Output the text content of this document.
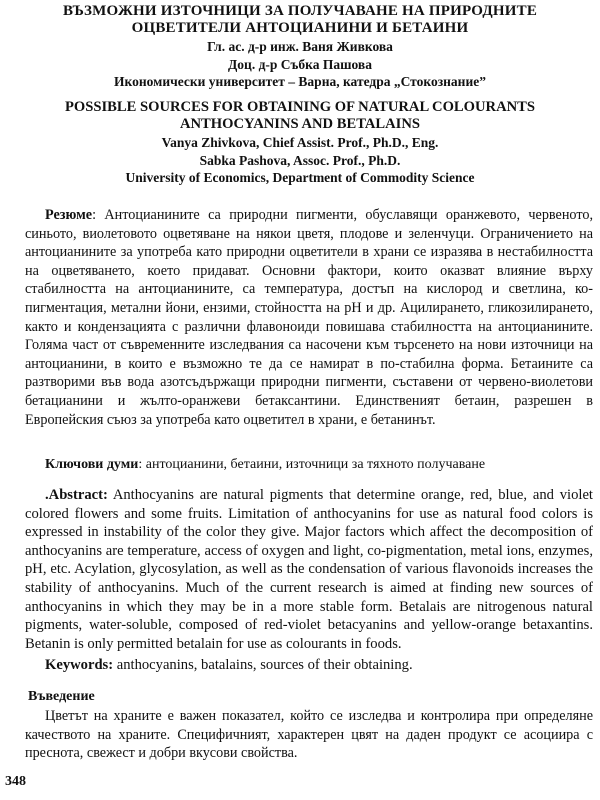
ВЪЗМОЖНИ ИЗТОЧНИЦИ ЗА ПОЛУЧАВАНЕ НА ПРИРОДНИТЕ
ОЦВЕТИТЕЛИ АНТОЦИАНИНИ И БЕТАИНИ
Гл. ас. д-р инж. Ваня Живкова
Доц. д-р Събка Пашова
Икономически университет – Варна, катедра „Стокознание”
POSSIBLE SOURCES FOR OBTAINING OF NATURAL COLOURANTS
ANTHOCYANINS AND BETALAINS
Vanya Zhivkova, Chief Assist. Prof., Ph.D., Eng.
Sabka Pashova, Assoc. Prof., Ph.D.
University of Economics, Department of Commodity Science
Резюме: Антоцианините са природни пигменти, обуславящи оранжевото, червеното, синьото, виолетовото оцветяване на някои цветя, плодове и зеленчуци. Ограничението на антоцианините за употреба като природни оцветители в храни се изразява в нестабилността на оцветяването, което придават. Основни фактори, които оказват влияние върху стабилността на антоцианините, са температура, достъп на кислород и светлина, ко-пигментация, метални йони, ензими, стойността на pH и др. Ацилирането, гликозилирането, както и кондензацията с различни флавоноиди повишава стабилността на антоцианините. Голяма част от съвременните изследвания са насочени към търсенето на нови източници на антоцианини, в които е възможно те да се намират в по-стабилна форма. Бетаините са разтворими във вода азотсъдържащи природни пигменти, съставени от червено-виолетови бетацианини и жълто-оранжеви бетаксантини. Единственият бетаин, разрешен в Европейския съюз за употреба като оцветител в храни, е бетанинът.
Ключови думи: антоцианини, бетаини, източници за тяхното получаване
.Abstract: Anthocyanins are natural pigments that determine orange, red, blue, and violet colored flowers and some fruits. Limitation of anthocyanins for use as natural food colors is expressed in instability of the color they give. Major factors which affect the decomposition of anthocyanins are temperature, access of oxygen and light, co-pigmentation, metal ions, enzymes, pH, etc. Acylation, glycosylation, as well as the condensation of various flavonoids increases the stability of anthocyanins. Much of the current research is aimed at finding new sources of anthocyanins in which they may be in a more stable form. Betalais are nitrogenous natural pigments, water-soluble, composed of red-violet betacyanins and yellow-orange betaxantins. Betanin is only permitted betalain for use as colourants in foods.
Keywords: anthocyanins, batalains, sources of their obtaining.
Въведение
Цветът на храните е важен показател, който се изследва и контролира при определяне качеството на храните. Специфичният, характерен цвят на даден продукт се асоциира с преснота, свежест и добри вкусови свойства.
348
